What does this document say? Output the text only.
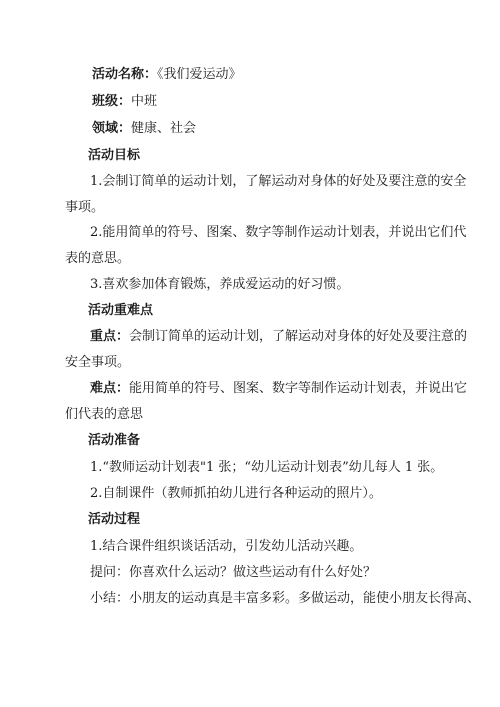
活动名称：《我们爱运动》
班级：中班
领域：健康、社会
活动目标
1.会制订简单的运动计划，了解运动对身体的好处及要注意的安全
事项。
2.能用简单的符号、图案、数字等制作运动计划表，并说出它们代
表的意思。
3.喜欢参加体育锻炼，养成爱运动的好习惯。
活动重难点
重点：会制订简单的运动计划，了解运动对身体的好处及要注意的
安全事项。
难点：能用简单的符号、图案、数字等制作运动计划表，并说出它
们代表的意思
活动准备
1.“教师运动计划表"1 张；“幼儿运动计划表”幼儿每人 1 张。
2.自制课件（教师抓拍幼儿进行各种运动的照片）。
活动过程
1.结合课件组织谈话活动，引发幼儿活动兴趣。
提问：你喜欢什么运动？做这些运动有什么好处？
小结：小朋友的运动真是丰富多彩。多做运动，能使小朋友长得高、
